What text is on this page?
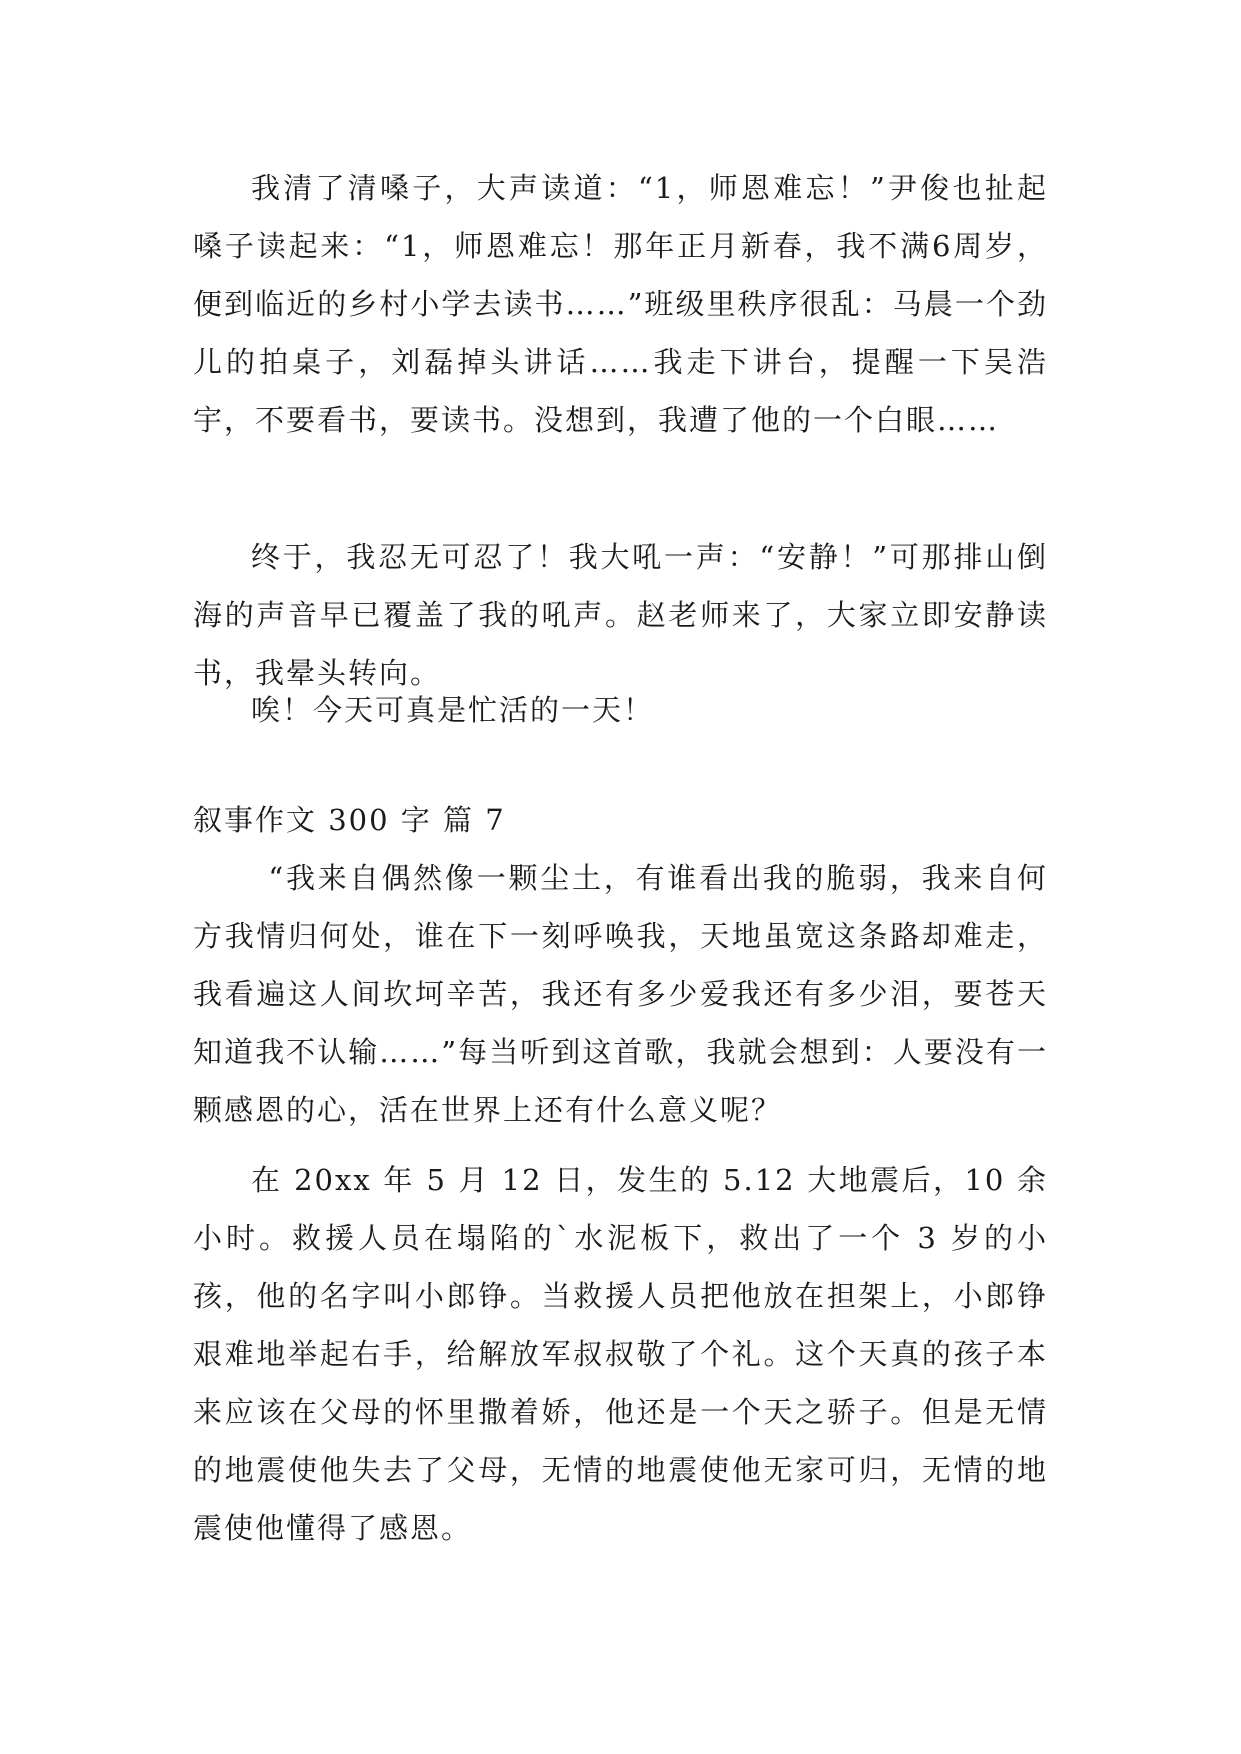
我清了清嗓子，大声读道：“1，师恩难忘！”尹俊也扯起嗓子读起来：“1，师恩难忘！那年正月新春，我不满6周岁，便到临近的乡村小学去读书……”班级里秩序很乱：马晨一个劲儿的拍桌子，刘磊掉头讲话……我走下讲台，提醒一下吴浩宇，不要看书，要读书。没想到，我遭了他的一个白眼……

终于，我忍无可忍了！我大吼一声：“安静！”可那排山倒海的声音早已覆盖了我的吼声。赵老师来了，大家立即安静读书，我晕头转向。

唉！今天可真是忙活的一天！

叙事作文 300 字 篇 7

“我来自偶然像一颗尘土，有谁看出我的脆弱，我来自何方我情归何处，谁在下一刻呼唤我，天地虽宽这条路却难走，我看遍这人间坎坷辛苦，我还有多少爱我还有多少泪，要苍天知道我不认输……”每当听到这首歌，我就会想到：人要没有一颗感恩的心，活在世界上还有什么意义呢？

在 20xx 年 5 月 12 日，发生的 5.12 大地震后，10 余小时。救援人员在塌陷的`水泥板下，救出了一个 3 岁的小孩，他的名字叫小郎铮。当救援人员把他放在担架上，小郎铮艰难地举起右手，给解放军叔叔敬了个礼。这个天真的孩子本来应该在父母的怀里撒着娇，他还是一个天之骄子。但是无情的地震使他失去了父母，无情的地震使他无家可归，无情的地震使他懂得了感恩。
